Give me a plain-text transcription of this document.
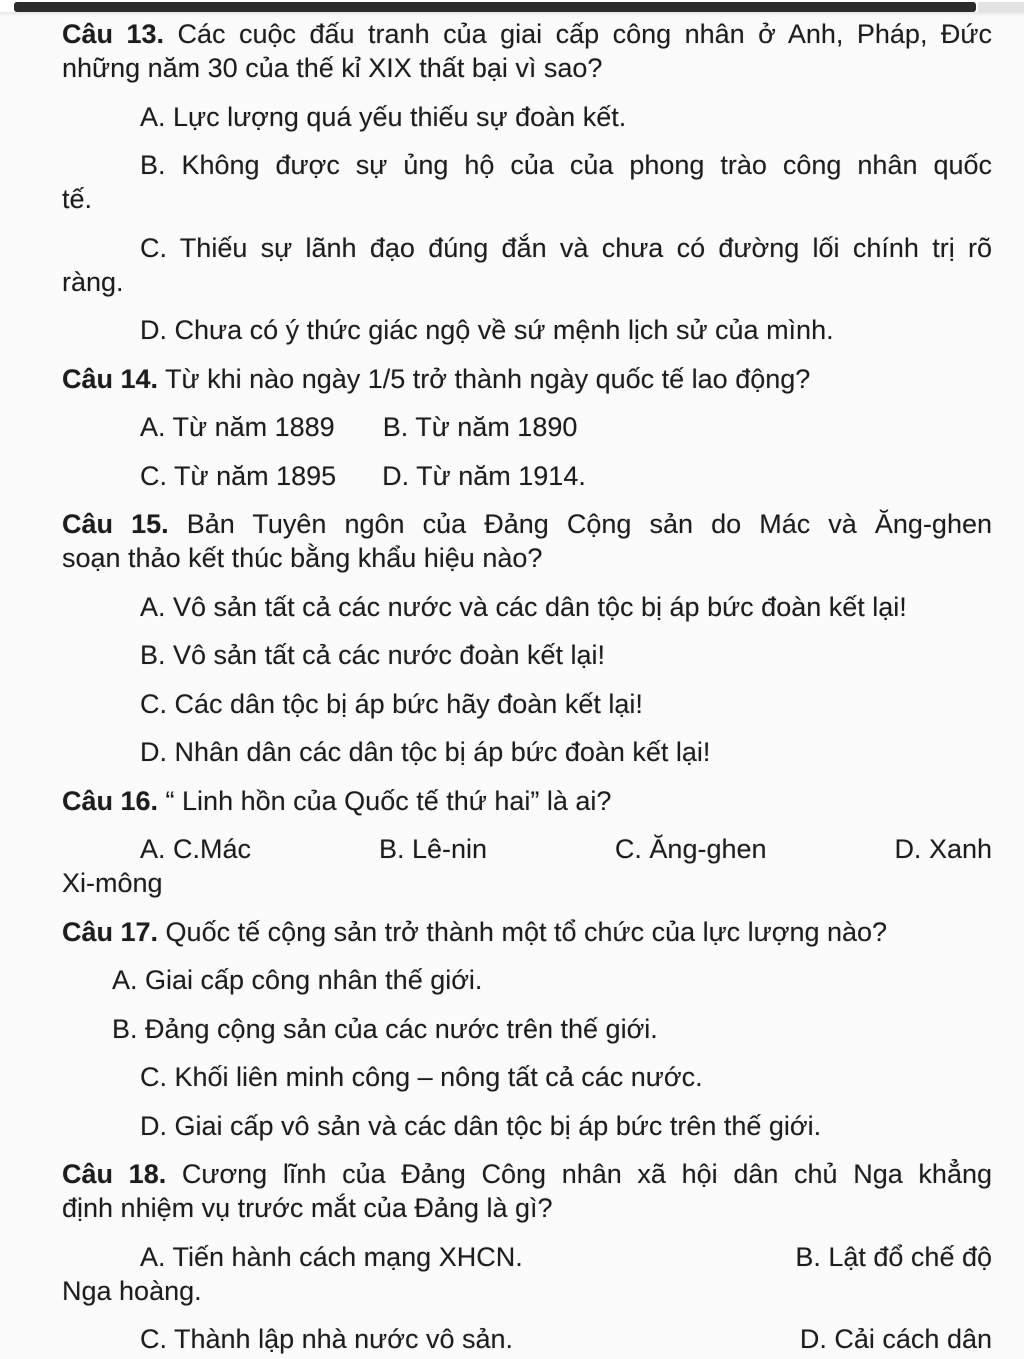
Câu 13. Các cuộc đấu tranh của giai cấp công nhân ở Anh, Pháp, Đức
những năm 30 của thế kỉ XIX thất bại vì sao?
A. Lực lượng quá yếu thiếu sự đoàn kết.
B. Không được sự ủng hộ của của phong trào công nhân quốc
tế.
C. Thiếu sự lãnh đạo đúng đắn và chưa có đường lối chính trị rõ
ràng.
D. Chưa có ý thức giác ngộ về sứ mệnh lịch sử của mình.
Câu 14. Từ khi nào ngày 1/5 trở thành ngày quốc tế lao động?
A. Từ năm 1889 B. Từ năm 1890
C. Từ năm 1895 D. Từ năm 1914.
Câu 15. Bản Tuyên ngôn của Đảng Cộng sản do Mác và Ăng-ghen
soạn thảo kết thúc bằng khẩu hiệu nào?
A. Vô sản tất cả các nước và các dân tộc bị áp bức đoàn kết lại!
B. Vô sản tất cả các nước đoàn kết lại!
C. Các dân tộc bị áp bức hãy đoàn kết lại!
D. Nhân dân các dân tộc bị áp bức đoàn kết lại!
Câu 16. “ Linh hồn của Quốc tế thứ hai” là ai?
A. C.Mác	B. Lê-nin	C. Ăng-ghen	D. Xanh
Xi-mông
Câu 17. Quốc tế cộng sản trở thành một tổ chức của lực lượng nào?
A. Giai cấp công nhân thế giới.
B. Đảng cộng sản của các nước trên thế giới.
C. Khối liên minh công – nông tất cả các nước.
D. Giai cấp vô sản và các dân tộc bị áp bức trên thế giới.
Câu 18. Cương lĩnh của Đảng Công nhân xã hội dân chủ Nga khẳng
định nhiệm vụ trước mắt của Đảng là gì?
A. Tiến hành cách mạng XHCN.	B. Lật đổ chế độ
Nga hoàng.
C. Thành lập nhà nước vô sản.	D. Cải cách dân
